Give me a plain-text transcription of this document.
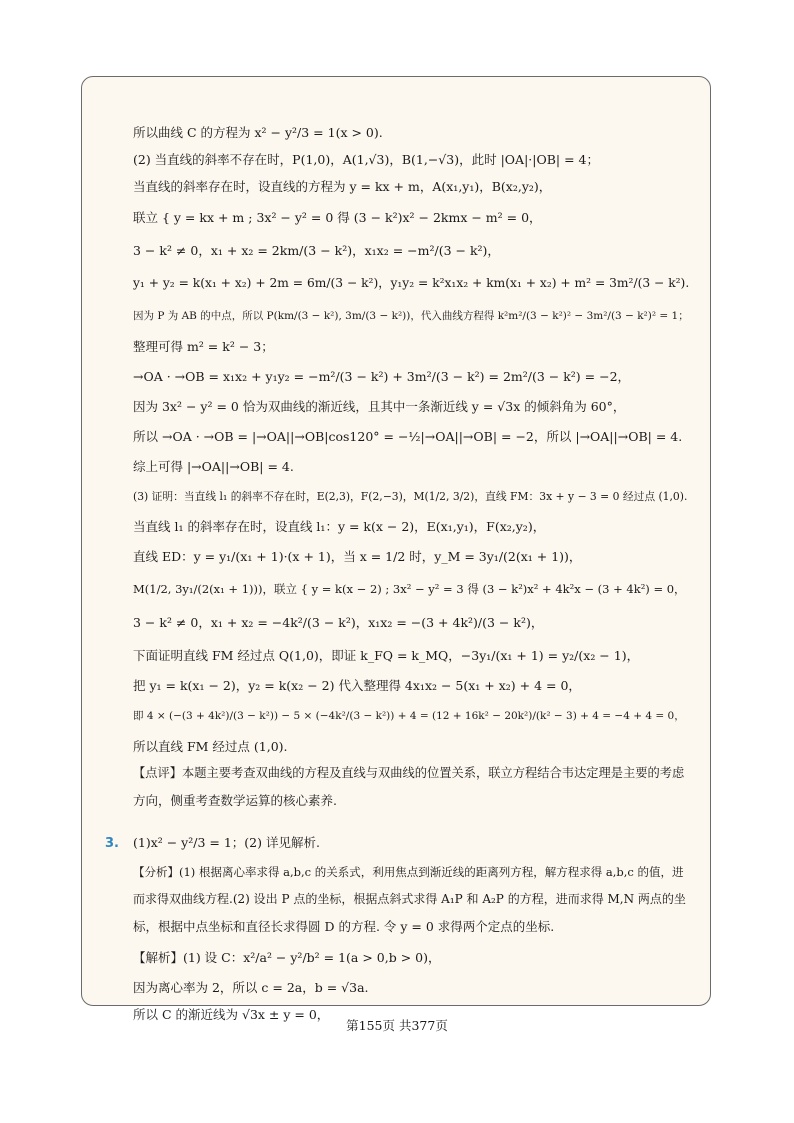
所以曲线 C 的方程为 x² − y²/3 = 1(x > 0).
(2) 当直线的斜率不存在时，P(1,0)，A(1,√3)，B(1,−√3)，此时 |OA|·|OB| = 4；
当直线的斜率存在时，设直线的方程为 y = kx + m，A(x₁,y₁)，B(x₂,y₂)，
联立 { y = kx + m ; 3x² − y² = 0 得 (3 − k²)x² − 2kmx − m² = 0，
3 − k² ≠ 0，x₁ + x₂ = 2km/(3 − k²)，x₁x₂ = −m²/(3 − k²)，
y₁ + y₂ = k(x₁ + x₂) + 2m = 6m/(3 − k²)，y₁y₂ = k²x₁x₂ + km(x₁ + x₂) + m² = 3m²/(3 − k²).
因为 P 为 AB 的中点，所以 P(km/(3 − k²), 3m/(3 − k²))，代入曲线方程得 k²m²/(3 − k²)² − 3m²/(3 − k²)² = 1；
整理可得 m² = k² − 3；
→OA · →OB = x₁x₂ + y₁y₂ = −m²/(3 − k²) + 3m²/(3 − k²) = 2m²/(3 − k²) = −2，
因为 3x² − y² = 0 恰为双曲线的渐近线，且其中一条渐近线 y = √3x 的倾斜角为 60°，
所以 →OA · →OB = |→OA||→OB|cos120° = −½|→OA||→OB| = −2，所以 |→OA||→OB| = 4.
综上可得 |→OA||→OB| = 4.
(3) 证明：当直线 l₁ 的斜率不存在时，E(2,3)，F(2,−3)，M(1/2, 3/2)，直线 FM：3x + y − 3 = 0 经过点 (1,0).
当直线 l₁ 的斜率存在时，设直线 l₁：y = k(x − 2)，E(x₁,y₁)，F(x₂,y₂)，
直线 ED：y = y₁/(x₁ + 1)·(x + 1)，当 x = 1/2 时，y_M = 3y₁/(2(x₁ + 1))，
M(1/2, 3y₁/(2(x₁ + 1)))，联立 { y = k(x − 2) ; 3x² − y² = 3 得 (3 − k²)x² + 4k²x − (3 + 4k²) = 0，
3 − k² ≠ 0，x₁ + x₂ = −4k²/(3 − k²)，x₁x₂ = −(3 + 4k²)/(3 − k²)，
下面证明直线 FM 经过点 Q(1,0)，即证 k_FQ = k_MQ，−3y₁/(x₁ + 1) = y₂/(x₂ − 1)，
把 y₁ = k(x₁ − 2)，y₂ = k(x₂ − 2) 代入整理得 4x₁x₂ − 5(x₁ + x₂) + 4 = 0，
即 4 × (−(3 + 4k²)/(3 − k²)) − 5 × (−4k²/(3 − k²)) + 4 = (12 + 16k² − 20k²)/(k² − 3) + 4 = −4 + 4 = 0，
所以直线 FM 经过点 (1,0).
【点评】本题主要考查双曲线的方程及直线与双曲线的位置关系，联立方程结合韦达定理是主要的考虑
方向，侧重考查数学运算的核心素养.
3. (1)x² − y²/3 = 1；(2) 详见解析.
【分析】(1) 根据离心率求得 a,b,c 的关系式，利用焦点到渐近线的距离列方程，解方程求得 a,b,c 的值，进
而求得双曲线方程.(2) 设出 P 点的坐标，根据点斜式求得 A₁P 和 A₂P 的方程，进而求得 M,N 两点的坐
标，根据中点坐标和直径长求得圆 D 的方程. 令 y = 0 求得两个定点的坐标.
【解析】(1) 设 C：x²/a² − y²/b² = 1(a > 0,b > 0)，
因为离心率为 2，所以 c = 2a，b = √3a.
所以 C 的渐近线为 √3x ± y = 0，
第155页 共377页
